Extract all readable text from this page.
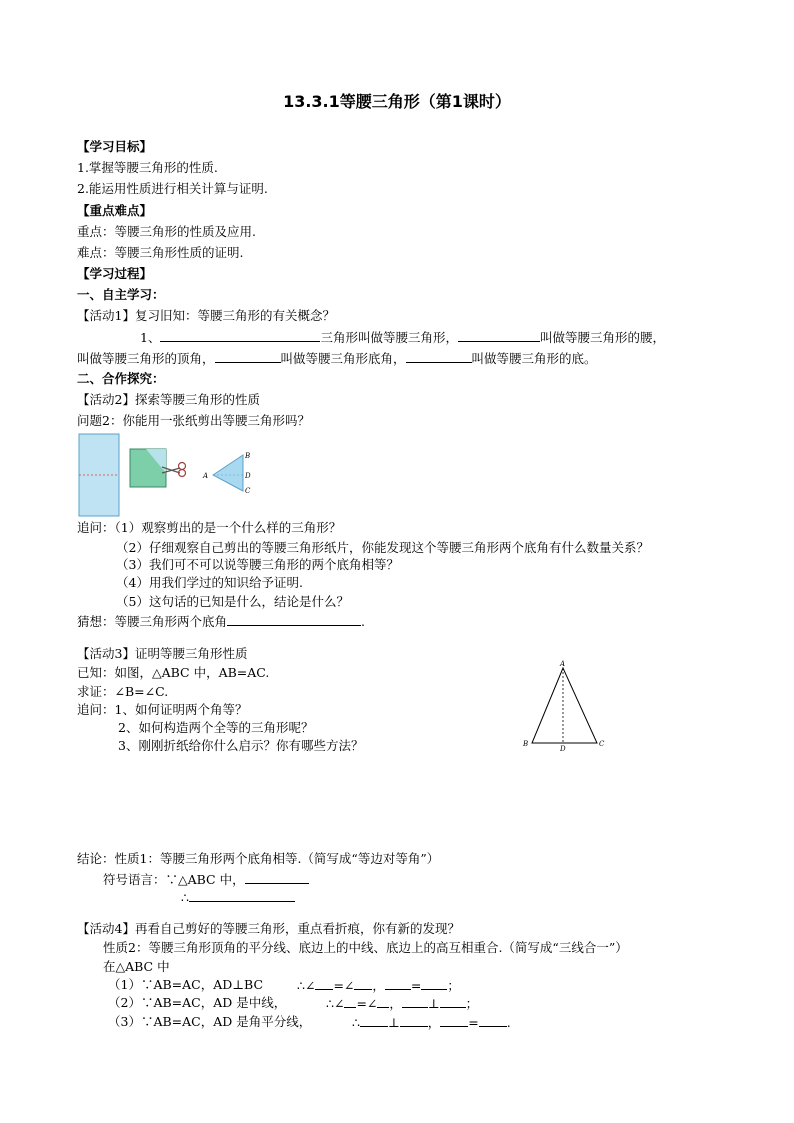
13.3.1等腰三角形（第1课时）
【学习目标】
1.掌握等腰三角形的性质.
2.能运用性质进行相关计算与证明.
【重点难点】
重点：等腰三角形的性质及应用.
难点：等腰三角形性质的证明.
【学习过程】
一、自主学习：
【活动1】复习旧知：等腰三角形的有关概念？
1、	三角形叫做等腰三角形，	叫做等腰三角形的腰，
叫做等腰三角形的顶角，	叫做等腰三角形底角，	叫做等腰三角形的底。
二、合作探究：
【活动2】探索等腰三角形的性质
问题2：你能用一张纸剪出等腰三角形吗？
A
B
D
C
追问：（1）观察剪出的是一个什么样的三角形？
（2）仔细观察自己剪出的等腰三角形纸片，你能发现这个等腰三角形两个底角有什么数量关系？
（3）我们可不可以说等腰三角形的两个底角相等？
（4）用我们学过的知识给予证明.
（5）这句话的已知是什么，结论是什么？
猜想：等腰三角形两个底角	.
【活动3】证明等腰三角形性质
已知：如图，△ABC 中，AB=AC.
求证：∠B=∠C.
追问：1、如何证明两个角等？
2、如何构造两个全等的三角形呢？
3、刚刚折纸给你什么启示？你有哪些方法？
A
B
D
C
结论：性质1：等腰三角形两个底角相等.（简写成“等边对等角”）
符号语言：∵△ABC 中，
∴
【活动4】再看自己剪好的等腰三角形，重点看折痕，你有新的发现？
性质2：等腰三角形顶角的平分线、底边上的中线、底边上的高互相重合.（简写成“三线合一”）
在△ABC 中
（1）∵AB=AC，AD⊥BC	∴∠ =∠ ， = ；
（2）∵AB=AC，AD 是中线，	∴∠ =∠ ， ⊥ ；
（3）∵AB=AC，AD 是角平分线，	∴ ⊥ ， = .
